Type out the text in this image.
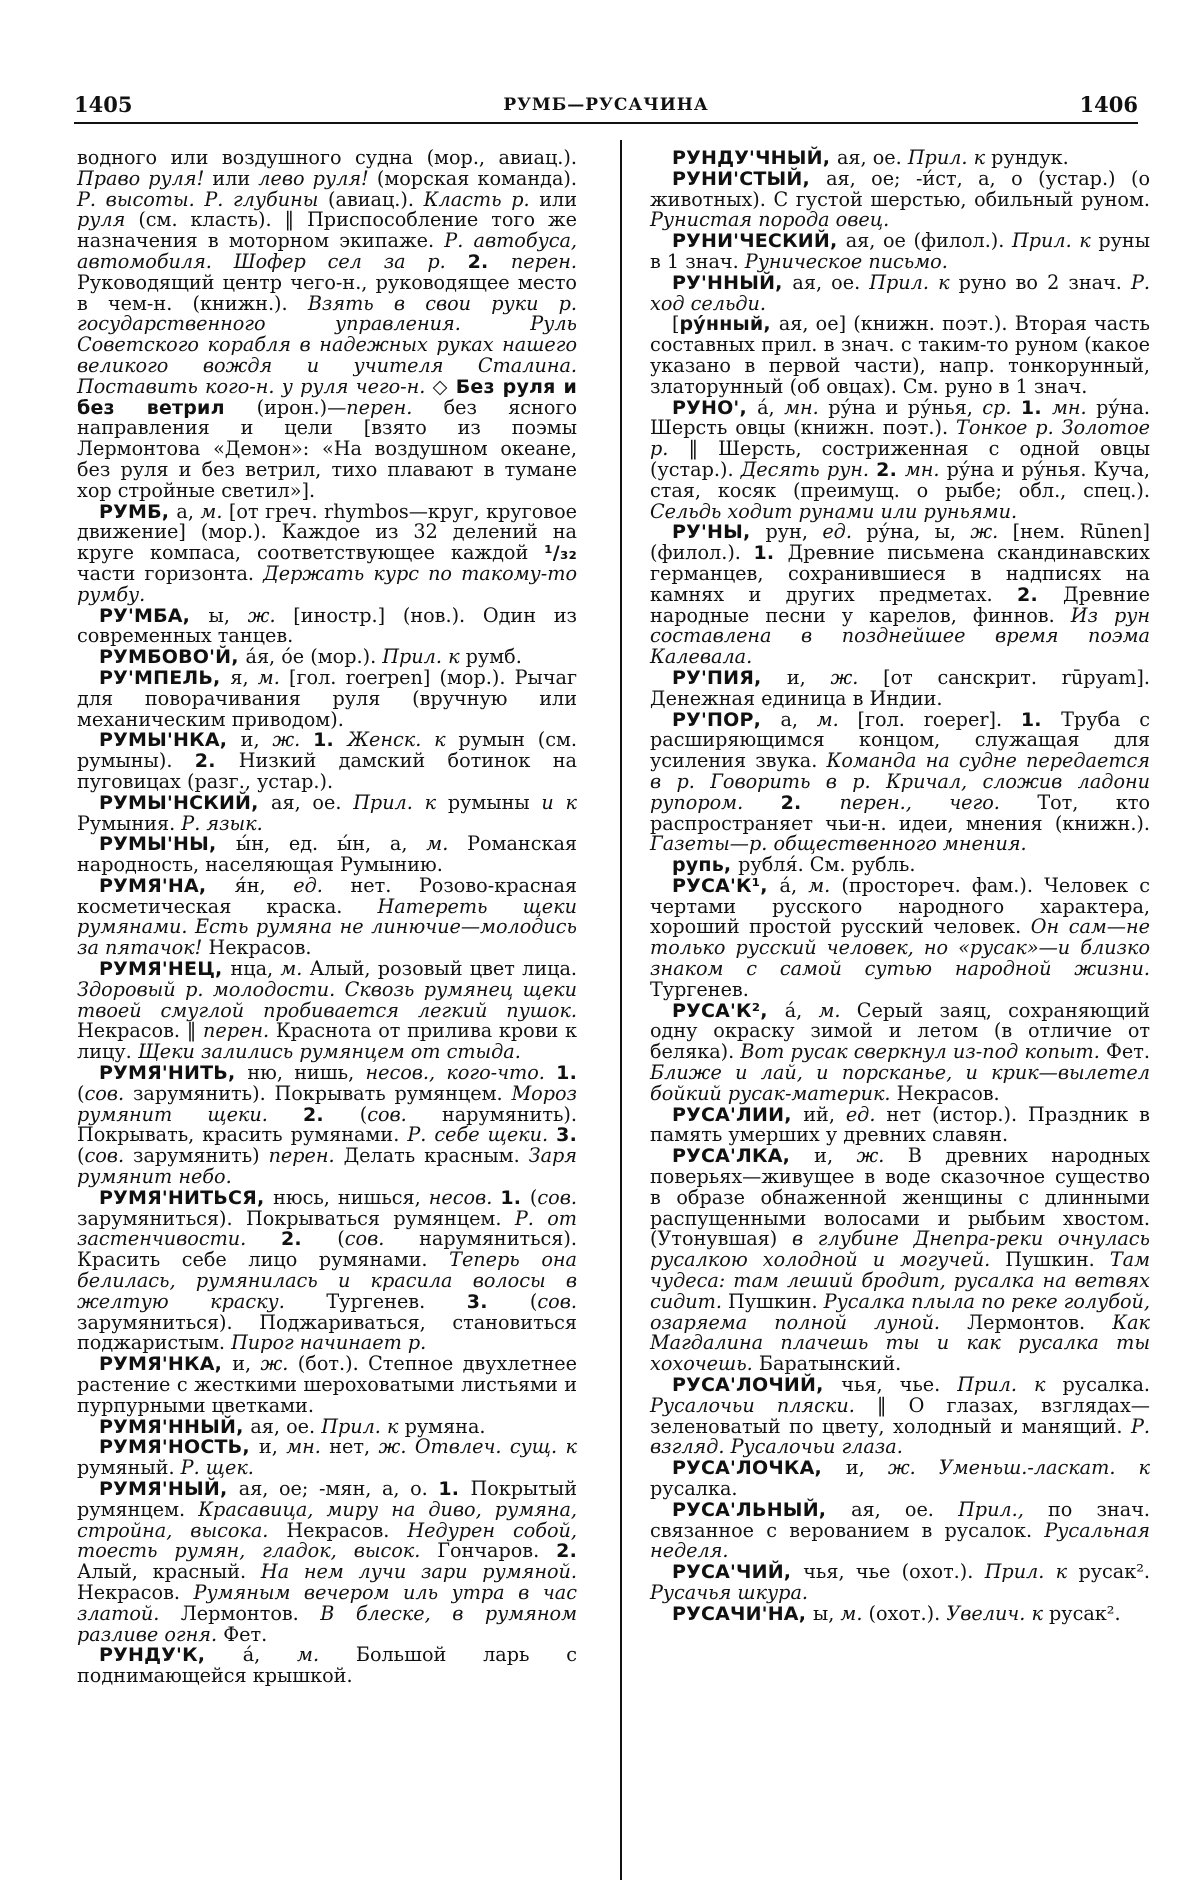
1405	РУМБ—РУСАЧИНА	1406

водного или воздушного судна (мор., авиац.). Право руля! или лево руля! (морская команда). Р. высоты. Р. глубины (авиац.). Класть р. или руля (см. класть). ‖ Приспособление того же назначения в моторном экипаже. Р. автобуса, автомобиля. Шофер сел за р. 2. перен. Руководящий центр чего-н., руководящее место в чем-н. (книжн.). Взять в свои руки р. государственного управления. Руль Советского корабля в надежных руках нашего великого вождя и учителя Сталина. Поставить кого-н. у руля чего-н. ◇ Без руля и без ветрил (ирон.)—перен. без ясного направления и цели [взято из поэмы Лермонтова «Демон»: «На воздушном океане, без руля и без ветрил, тихо плавают в тумане хор стройные светил»].

РУМБ, а, м. [от греч. rhуmbos—круг, круговое движение] (мор.). Каждое из 32 делений на круге компаса, соответствующее каждой ¹/₃₂ части горизонта. Держать курс по такому-то румбу.

РУ'МБА, ы, ж. [иностр.] (нов.). Один из современных танцев.

РУМБОВО'Й, а́я, о́е (мор.). Прил. к румб.

РУ'МПЕЛЬ, я, м. [гол. roerpen] (мор.). Рычаг для поворачивания руля (вручную или механическим приводом).

РУМЫ'НКА, и, ж. 1. Женск. к румын (см. румыны). 2. Низкий дамский ботинок на пуговицах (разг., устар.).

РУМЫ'НСКИЙ, ая, ое. Прил. к румыны и к Румыния. Р. язык.

РУМЫ'НЫ, ы́н, ед. ы́н, а, м. Романская народность, населяющая Румынию.

РУМЯ'НА, я́н, ед. нет. Розово-красная косметическая краска. Натереть щеки румянами. Есть румяна не линючие—молодись за пятачок! Некрасов.

РУМЯ'НЕЦ, нца, м. Алый, розовый цвет лица. Здоровый р. молодости. Сквозь румянец щеки твоей смуглой пробивается легкий пушок. Некрасов. ‖ перен. Краснота от прилива крови к лицу. Щеки залились румянцем от стыда.

РУМЯ'НИТЬ, ню, нишь, несов., кого-что. 1. (сов. зарумянить). Покрывать румянцем. Мороз румянит щеки. 2. (сов. нарумянить). Покрывать, красить румянами. Р. себе щеки. 3. (сов. зарумянить) перен. Делать красным. Заря румянит небо.

РУМЯ'НИТЬСЯ, нюсь, нишься, несов. 1. (сов. зарумяниться). Покрываться румянцем. Р. от застенчивости. 2. (сов. нарумяниться). Красить себе лицо румянами. Теперь она белилась, румянилась и красила волосы в желтую краску. Тургенев. 3. (сов. зарумяниться). Поджариваться, становиться поджаристым. Пирог начинает р.

РУМЯ'НКА, и, ж. (бот.). Степное двухлетнее растение с жесткими шероховатыми листьями и пурпурными цветками.

РУМЯ'ННЫЙ, ая, ое. Прил. к румяна.

РУМЯ'НОСТЬ, и, мн. нет, ж. Отвлеч. сущ. к румяный. Р. щек.

РУМЯ'НЫЙ, ая, ое; -мян, а, о. 1. Покрытый румянцем. Красавица, миру на диво, румяна, стройна, высока. Некрасов. Недурен собой, тоесть румян, гладок, высок. Гончаров. 2. Алый, красный. На нем лучи зари румяной. Некрасов. Румяным вечером иль утра в час златой. Лермонтов. В блеске, в румяном разливе огня. Фет.

РУНДУ'К, а́, м. Большой ларь с поднимающейся крышкой.

РУНДУ'ЧНЫЙ, ая, ое. Прил. к рундук.

РУНИ'СТЫЙ, ая, ое; -и́ст, а, о (устар.) (о животных). С густой шерстью, обильный руном. Рунистая порода овец.

РУНИ'ЧЕСКИЙ, ая, ое (филол.). Прил. к руны в 1 знач. Руническое письмо.

РУ'ННЫЙ, ая, ое. Прил. к руно во 2 знач. Р. ход сельди.

[ру́нный, ая, ое] (книжн. поэт.). Вторая часть составных прил. в знач. с таким-то руном (какое указано в первой части), напр. тонкорунный, златорунный (об овцах). См. руно в 1 знач.

РУНО', а́, мн. ру́на и ру́нья, ср. 1. мн. ру́на. Шерсть овцы (книжн. поэт.). Тонкое р. Золотое р. ‖ Шерсть, состриженная с одной овцы (устар.). Десять рун. 2. мн. ру́на и ру́нья. Куча, стая, косяк (преимущ. о рыбе; обл., спец.). Сельдь ходит рунами или руньями.

РУ'НЫ, рун, ед. ру́на, ы, ж. [нем. Rūnen] (филол.). 1. Древние письмена скандинавских германцев, сохранившиеся в надписях на камнях и других предметах. 2. Древние народные песни у карелов, финнов. Из рун составлена в позднейшее время поэма Калевала.

РУ'ПИЯ, и, ж. [от санскрит. rūруаm]. Денежная единица в Индии.

РУ'ПОР, а, м. [гол. roeper]. 1. Труба с расширяющимся концом, служащая для усиления звука. Команда на судне передается в р. Говорить в р. Кричал, сложив ладони рупором. 2. перен., чего. Тот, кто распространяет чьи-н. идеи, мнения (книжн.). Газеты—р. общественного мнения.

рупь, рубля́. См. рубль.

РУСА'К¹, а́, м. (простореч. фам.). Человек с чертами русского народного характера, хороший простой русский человек. Он сам—не только русский человек, но «русак»—и близко знаком с самой сутью народной жизни. Тургенев.

РУСА'К², а́, м. Серый заяц, сохраняющий одну окраску зимой и летом (в отличие от беляка). Вот русак сверкнул из-под копыт. Фет. Ближе и лай, и порсканье, и крик—вылетел бойкий русак-материк. Некрасов.

РУСА'ЛИИ, ий, ед. нет (истор.). Праздник в память умерших у древних славян.

РУСА'ЛКА, и, ж. В древних народных поверьях—живущее в воде сказочное существо в образе обнаженной женщины с длинными распущенными волосами и рыбьим хвостом. (Утонувшая) в глубине Днепра-реки очнулась русалкою холодной и могучей. Пушкин. Там чудеса: там леший бродит, русалка на ветвях сидит. Пушкин. Русалка плыла по реке голубой, озаряема полной луной. Лермонтов. Как Магдалина плачешь ты и как русалка ты хохочешь. Баратынский.

РУСА'ЛОЧИЙ, чья, чье. Прил. к русалка. Русалочьи пляски. ‖ О глазах, взглядах—зеленоватый по цвету, холодный и манящий. Р. взгляд. Русалочьи глаза.

РУСА'ЛОЧКА, и, ж. Уменьш.-ласкат. к русалка.

РУСА'ЛЬНЫЙ, ая, ое. Прил., по знач. связанное с верованием в русалок. Русальная неделя.

РУСА'ЧИЙ, чья, чье (охот.). Прил. к русак². Русачья шкура.

РУСАЧИ'НА, ы, м. (охот.). Увелич. к русак².
